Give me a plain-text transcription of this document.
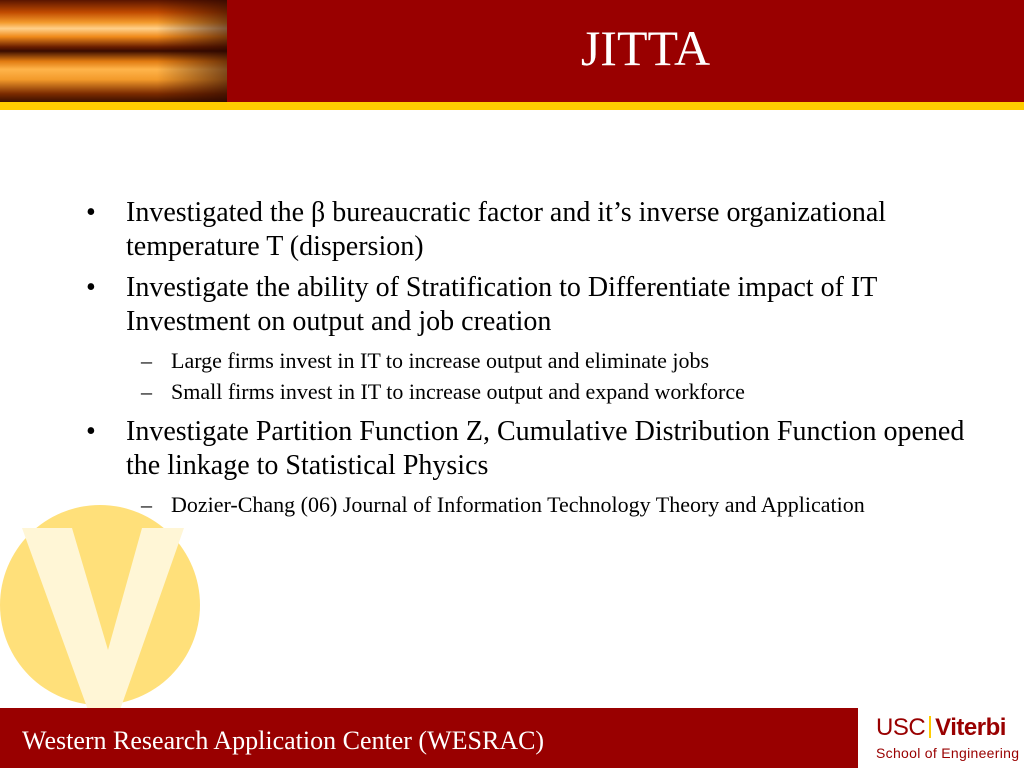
JITTA
• Investigated the β bureaucratic factor and it’s inverse organizational temperature T (dispersion)
• Investigate the ability of Stratification to Differentiate impact of IT Investment on output and job creation
– Large firms invest in IT to increase output and eliminate jobs
– Small firms invest in IT to increase output and expand workforce
• Investigate Partition Function Z, Cumulative Distribution Function opened the linkage to Statistical Physics
– Dozier-Chang (06) Journal of Information Technology Theory and Application
Western Research Application Center (WESRAC)	USC Viterbi
School of Engineering
